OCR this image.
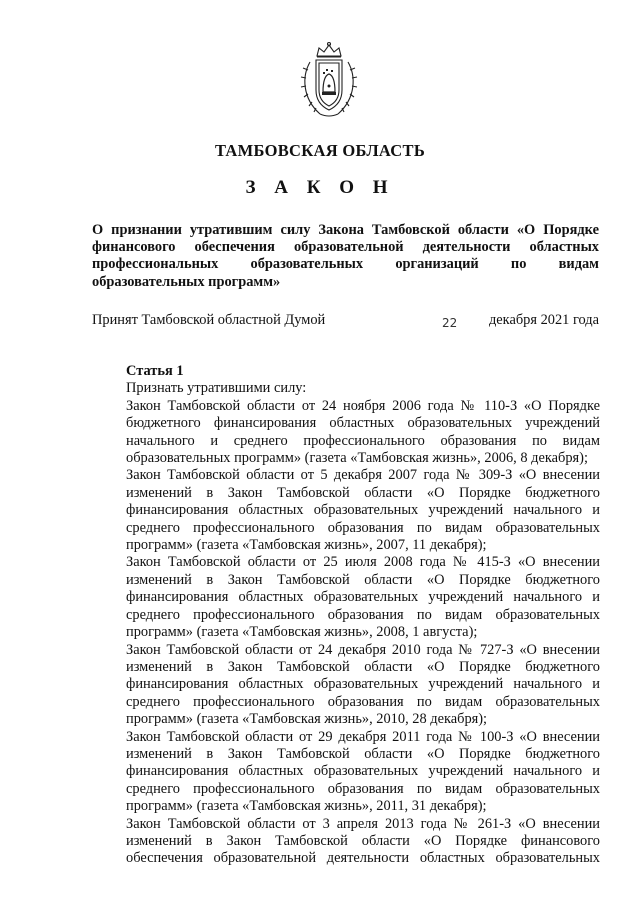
ТАМБОВСКАЯ ОБЛАСТЬ
З А К О Н
О признании утратившим силу Закона Тамбовской области «О Порядке
финансового обеспечения образовательной деятельности областных
профессиональных образовательных организаций по видам
образовательных программ»
Принят Тамбовской областной Думой	22 декабря 2021 года

Статья 1

Признать утратившими силу:

Закон Тамбовской области от 24 ноября 2006 года № 110-З «О Порядке
бюджетного финансирования областных образовательных учреждений
начального и среднего профессионального образования по видам
образовательных программ» (газета «Тамбовская жизнь», 2006, 8 декабря);
Закон Тамбовской области от 5 декабря 2007 года № 309-З «О внесении
изменений в Закон Тамбовской области «О Порядке бюджетного
финансирования областных образовательных учреждений начального и
среднего профессионального образования по видам образовательных
программ» (газета «Тамбовская жизнь», 2007, 11 декабря);
Закон Тамбовской области от 25 июля 2008 года № 415-З «О внесении
изменений в Закон Тамбовской области «О Порядке бюджетного
финансирования областных образовательных учреждений начального и
среднего профессионального образования по видам образовательных
программ» (газета «Тамбовская жизнь», 2008, 1 августа);
Закон Тамбовской области от 24 декабря 2010 года № 727-З «О внесении
изменений в Закон Тамбовской области «О Порядке бюджетного
финансирования областных образовательных учреждений начального и
среднего профессионального образования по видам образовательных
программ» (газета «Тамбовская жизнь», 2010, 28 декабря);
Закон Тамбовской области от 29 декабря 2011 года № 100-З «О внесении
изменений в Закон Тамбовской области «О Порядке бюджетного
финансирования областных образовательных учреждений начального и
среднего профессионального образования по видам образовательных
программ» (газета «Тамбовская жизнь», 2011, 31 декабря);
Закон Тамбовской области от 3 апреля 2013 года № 261-З «О внесении
изменений в Закон Тамбовской области «О Порядке финансового
обеспечения образовательной деятельности областных образовательных
